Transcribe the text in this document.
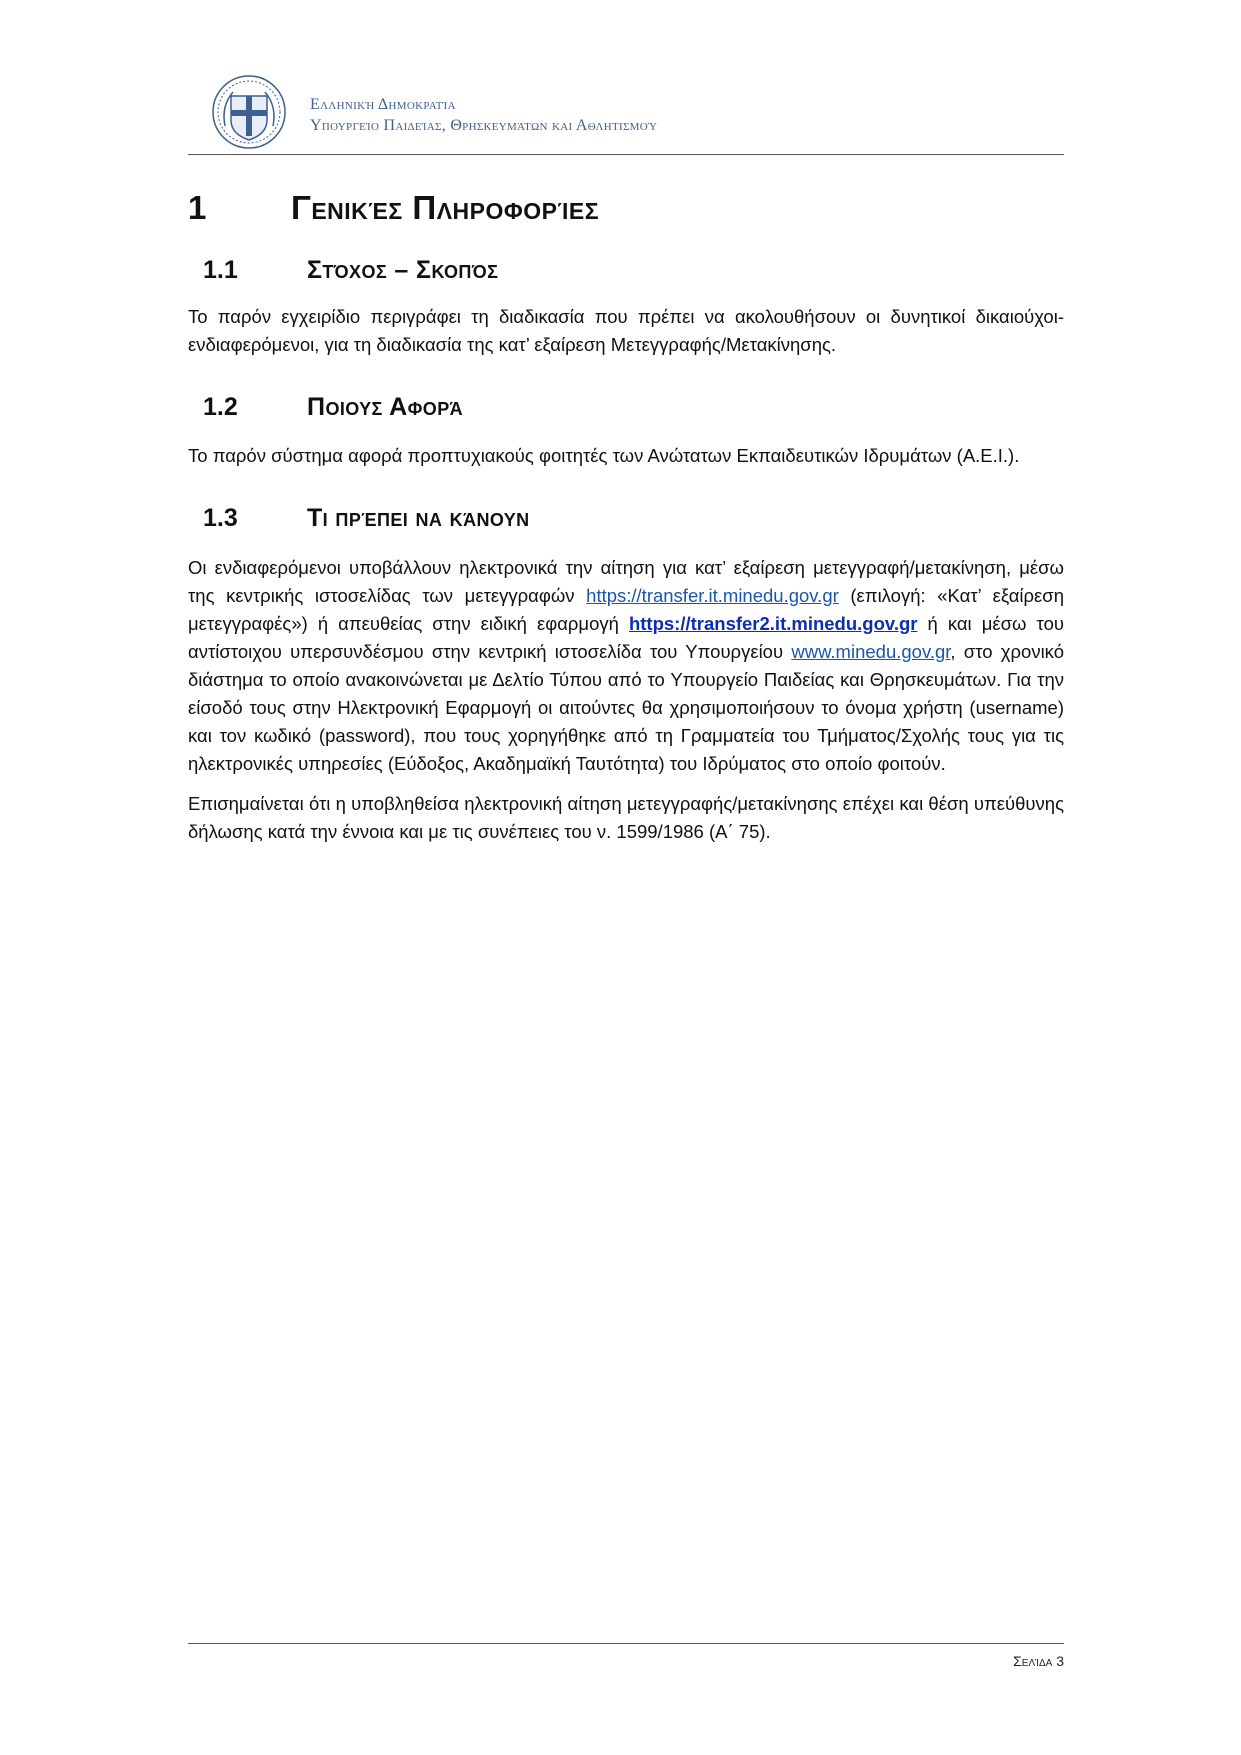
Ελληνική Δημοκρατία
Υπουργείο Παιδείας, Θρησκευμάτων και Αθλητισμού
1	Γενικές Πληροφορίες
1.1	Στόχος – Σκοπός

Το παρόν εγχειρίδιο περιγράφει τη διαδικασία που πρέπει να ακολουθήσουν οι δυνητικοί δικαιούχοι-ενδιαφερόμενοι, για τη διαδικασία της κατ’ εξαίρεση Μετεγγραφής/Μετακίνησης.

1.2	Ποιους Αφορά

Το παρόν σύστημα αφορά προπτυχιακούς φοιτητές των Ανώτατων Εκπαιδευτικών Ιδρυμάτων (Α.Ε.Ι.).

1.3	Τι πρέπει να κάνουν

Οι ενδιαφερόμενοι υποβάλλουν ηλεκτρονικά την αίτηση για κατ’ εξαίρεση μετεγγραφή/μετακίνηση, μέσω της κεντρικής ιστοσελίδας των μετεγγραφών https://transfer.it.minedu.gov.gr (επιλογή: «Κατ’ εξαίρεση μετεγγραφές») ή απευθείας στην ειδική εφαρμογή https://transfer2.it.minedu.gov.gr ή και μέσω του αντίστοιχου υπερσυνδέσμου στην κεντρική ιστοσελίδα του Υπουργείου www.minedu.gov.gr, στο χρονικό διάστημα το οποίο ανακοινώνεται με Δελτίο Τύπου από το Υπουργείο Παιδείας και Θρησκευμάτων. Για την είσοδό τους στην Ηλεκτρονική Εφαρμογή οι αιτούντες θα χρησιμοποιήσουν το όνομα χρήστη (username) και τον κωδικό (password), που τους χορηγήθηκε από τη Γραμματεία του Τμήματος/Σχολής τους για τις ηλεκτρονικές υπηρεσίες (Εύδοξος, Ακαδημαϊκή Ταυτότητα) του Ιδρύματος στο οποίο φοιτούν.

Επισημαίνεται ότι η υποβληθείσα ηλεκτρονική αίτηση μετεγγραφής/μετακίνησης επέχει και θέση υπεύθυνης δήλωσης κατά την έννοια και με τις συνέπειες του ν. 1599/1986 (Α΄ 75).

Σελίδα 3
